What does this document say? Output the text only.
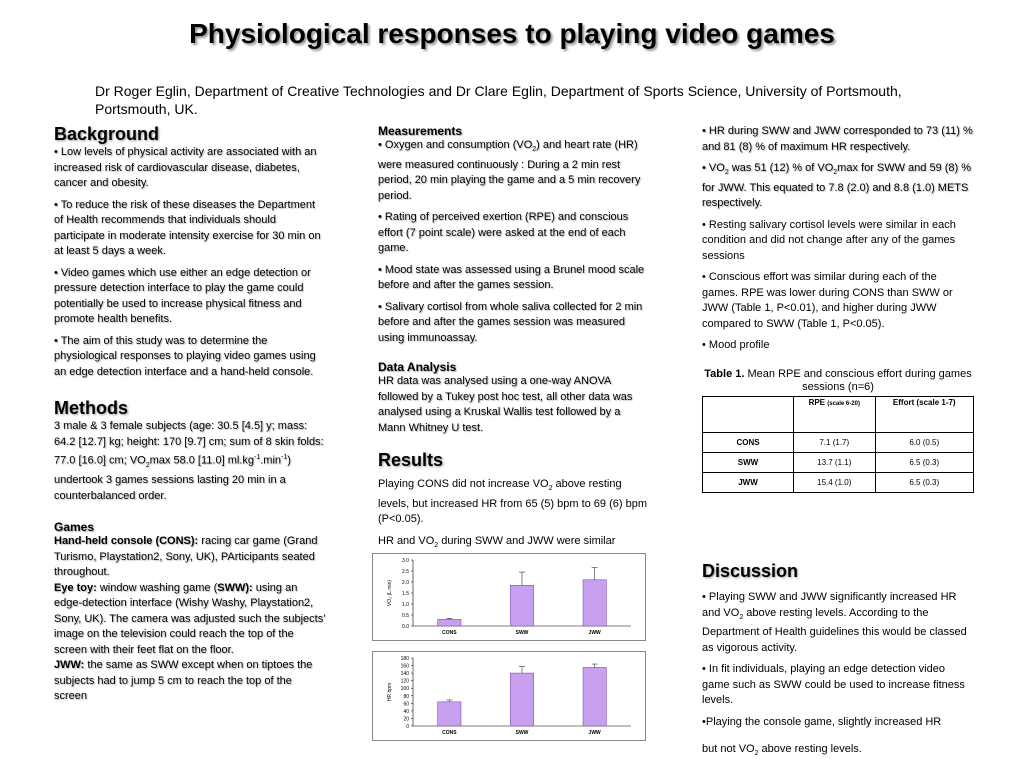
Physiological responses to playing video games
Dr Roger Eglin, Department of Creative Technologies and Dr Clare Eglin, Department of Sports Science, University of Portsmouth, Portsmouth, UK.
Background

• Low levels of physical activity are associated with an increased risk of cardiovascular disease, diabetes, cancer and obesity.

• To reduce the risk of these diseases the Department of Health recommends that individuals should participate in moderate intensity exercise for 30 min on at least 5 days a week.

• Video games which use either an edge detection or pressure detection interface to play the game could potentially be used to increase physical fitness and promote health benefits.

• The aim of this study was to determine the physiological responses to playing video games using an edge detection interface and a hand-held console.

Methods

3 male & 3 female subjects (age: 30.5 [4.5] y; mass: 64.2 [12.7] kg; height: 170 [9.7] cm; sum of 8 skin folds: 77.0 [16.0] cm; $VO_2\max$ 58.0 [11.0] $ml.kg^{-1}.\min^{-1}$) undertook 3 games sessions lasting 20 min in a counterbalanced order.

Games

Hand-held console (CONS): racing car game (Grand Turismo, Playstation2, Sony, UK), PArticipants seated throughout.

Eye toy: window washing game (SWW): using an edge-detection interface (Wishy Washy, Playstation2, Sony, UK). The camera was adjusted such the subjects’ image on the television could reach the top of the screen with their feet flat on the floor.

JWW: the same as SWW except when on tiptoes the subjects had to jump 5 cm to reach the top of the screen

Measurements

• Oxygen and consumption $(VO_2)$ and heart rate (HR) were measured continuously : During a 2 min rest period, 20 min playing the game and a 5 min recovery period.

• Rating of perceived exertion (RPE) and conscious effort (7 point scale) were asked at the end of each game.

• Mood state was assessed using a Brunel mood scale before and after the games session.

• Salivary cortisol from whole saliva collected for 2 min before and after the games session was measured using immunoassay.

Data Analysis

HR data was analysed using a one-way ANOVA followed by a Tukey post hoc test, all other data was analysed using a Kruskal Wallis test followed by a Mann Whitney U test.

Results

Playing CONS did not increase $VO_2$ above resting levels, but increased HR from 65 (5) bpm to 69 (6) bpm (P<0.05).

HR and $VO_2$ during SWW and JWW were similar

VO₂ (L.min)
0.0
0.5
1.0
1.5
2.0
2.5
3.0
CONS	SWW	JWW
HR bpm
0
20
40
60
80
100
120
140
160
180
CONS	SWW	JWW

• HR during SWW and JWW corresponded to 73 (11) % and 81 (8) % of maximum HR respectively.

• $VO_2$ was 51 (12) % of $VO_2\max$ for SWW and 59 (8) % for JWW. This equated to 7.8 (2.0) and 8.8 (1.0) METS respectively.

• Resting salivary cortisol levels were similar in each condition and did not change after any of the games sessions

• Conscious effort was similar during each of the games. RPE was lower during CONS than SWW or JWW (Table 1, P<0.01), and higher during JWW compared to SWW (Table 1, P<0.05).

• Mood profile

Table 1. Mean RPE and conscious effort during games sessions (n=6)
	RPE (scale 6-20)	Effort (scale 1-7)
CONS	7.1 (1.7)	6.0 (0.5)
SWW	13.7 (1.1)	6.5 (0.3)
JWW	15.4 (1.0)	6.5 (0.3)
Discussion

• Playing SWW and JWW significantly increased HR and $VO_2$ above resting levels. According to the Department of Health guidelines this would be classed as vigorous activity.

• In fit individuals, playing an edge detection video game such as SWW could be used to increase fitness levels.

•Playing the console game, slightly increased HR

but not $VO_2$ above resting levels.
